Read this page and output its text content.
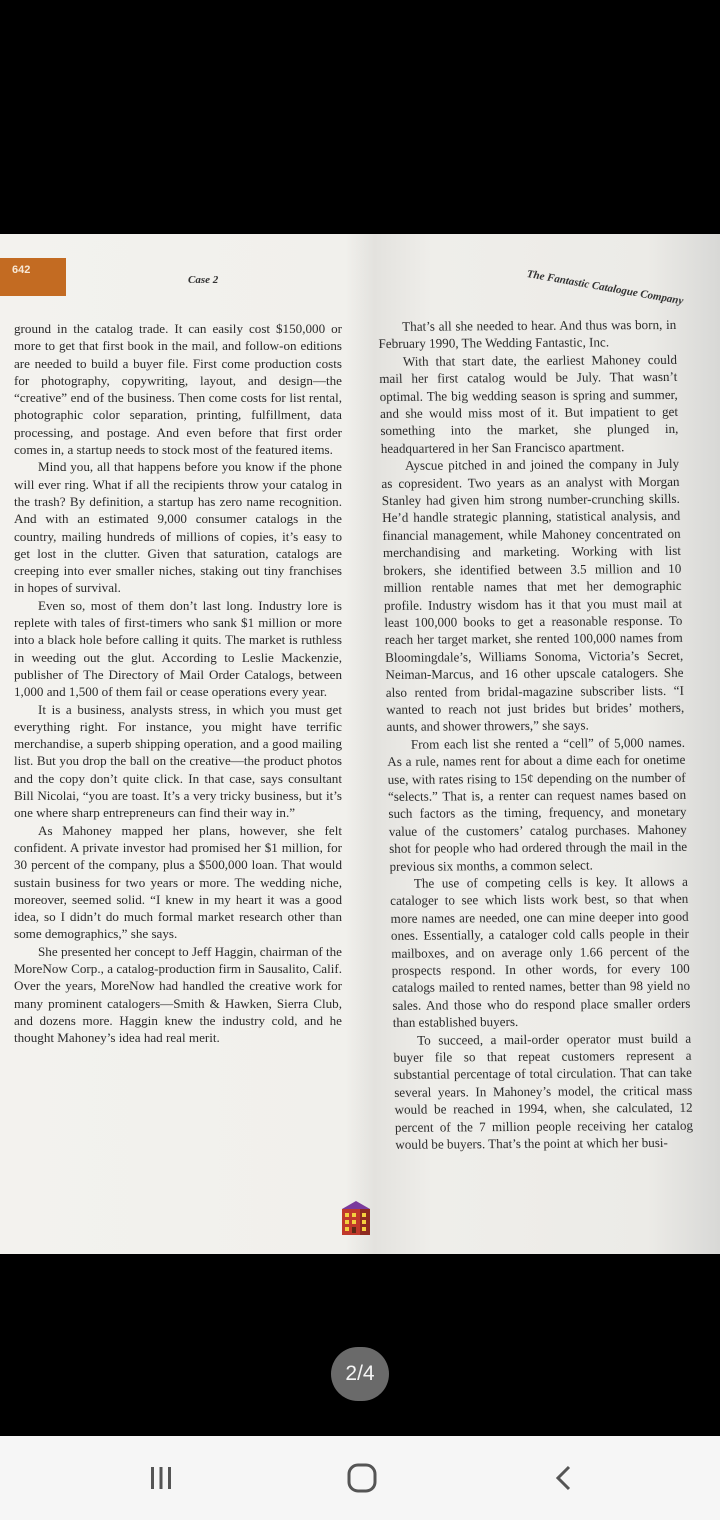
642
Case 2	The Fantastic Catalogue Company

ground in the catalog trade. It can easily cost $150,000 or more to get that first book in the mail, and follow-on editions are needed to build a buyer file. First come production costs for photography, copywriting, layout, and design—the “creative” end of the business. Then come costs for list rental, photographic color separation, printing, fulfillment, data processing, and postage. And even before that first order comes in, a startup needs to stock most of the featured items.

Mind you, all that happens before you know if the phone will ever ring. What if all the recipients throw your catalog in the trash? By definition, a startup has zero name recognition. And with an estimated 9,000 consumer catalogs in the country, mailing hundreds of millions of copies, it’s easy to get lost in the clutter. Given that saturation, catalogs are creeping into ever smaller niches, staking out tiny franchises in hopes of survival.

Even so, most of them don’t last long. Industry lore is replete with tales of first-timers who sank $1 million or more into a black hole before calling it quits. The market is ruthless in weeding out the glut. According to Leslie Mackenzie, publisher of The Directory of Mail Order Catalogs, between 1,000 and 1,500 of them fail or cease operations every year.

It is a business, analysts stress, in which you must get everything right. For instance, you might have terrific merchandise, a superb shipping operation, and a good mailing list. But you drop the ball on the creative—the product photos and the copy don’t quite click. In that case, says consultant Bill Nicolai, “you are toast. It’s a very tricky business, but it’s one where sharp entrepreneurs can find their way in.”

As Mahoney mapped her plans, however, she felt confident. A private investor had promised her $1 million, for 30 percent of the company, plus a $500,000 loan. That would sustain business for two years or more. The wedding niche, moreover, seemed solid. “I knew in my heart it was a good idea, so I didn’t do much formal market research other than some demographics,” she says.

She presented her concept to Jeff Haggin, chairman of the MoreNow Corp., a catalog-production firm in Sausalito, Calif. Over the years, MoreNow had handled the creative work for many prominent catalogers—Smith & Hawken, Sierra Club, and dozens more. Haggin knew the industry cold, and he thought Mahoney’s idea had real merit.

That’s all she needed to hear. And thus was born, in February 1990, The Wedding Fantastic, Inc.

With that start date, the earliest Mahoney could mail her first catalog would be July. That wasn’t optimal. The big wedding season is spring and summer, and she would miss most of it. But impatient to get something into the market, she plunged in, headquartered in her San Francisco apartment.

Ayscue pitched in and joined the company in July as copresident. Two years as an analyst with Morgan Stanley had given him strong number-crunching skills. He’d handle strategic planning, statistical analysis, and financial management, while Mahoney concentrated on merchandising and marketing. Working with list brokers, she identified between 3.5 million and 10 million rentable names that met her demographic profile. Industry wisdom has it that you must mail at least 100,000 books to get a reasonable response. To reach her target market, she rented 100,000 names from Bloomingdale’s, Williams Sonoma, Victoria’s Secret, Neiman-Marcus, and 16 other upscale catalogers. She also rented from bridal-magazine subscriber lists. “I wanted to reach not just brides but brides’ mothers, aunts, and shower throwers,” she says.

From each list she rented a “cell” of 5,000 names. As a rule, names rent for about a dime each for onetime use, with rates rising to 15¢ depending on the number of “selects.” That is, a renter can request names based on such factors as the timing, frequency, and monetary value of the customers’ catalog purchases. Mahoney shot for people who had ordered through the mail in the previous six months, a common select.

The use of competing cells is key. It allows a cataloger to see which lists work best, so that when more names are needed, one can mine deeper into good ones. Essentially, a cataloger cold calls people in their mailboxes, and on average only 1.66 percent of the prospects respond. In other words, for every 100 catalogs mailed to rented names, better than 98 yield no sales. And those who do respond place smaller orders than established buyers.

To succeed, a mail-order operator must build a buyer file so that repeat customers represent a substantial percentage of total circulation. That can take several years. In Mahoney’s model, the critical mass would be reached in 1994, when, she calculated, 12 percent of the 7 million people receiving her catalog would be buyers. That’s the point at which her busi-

2/4
